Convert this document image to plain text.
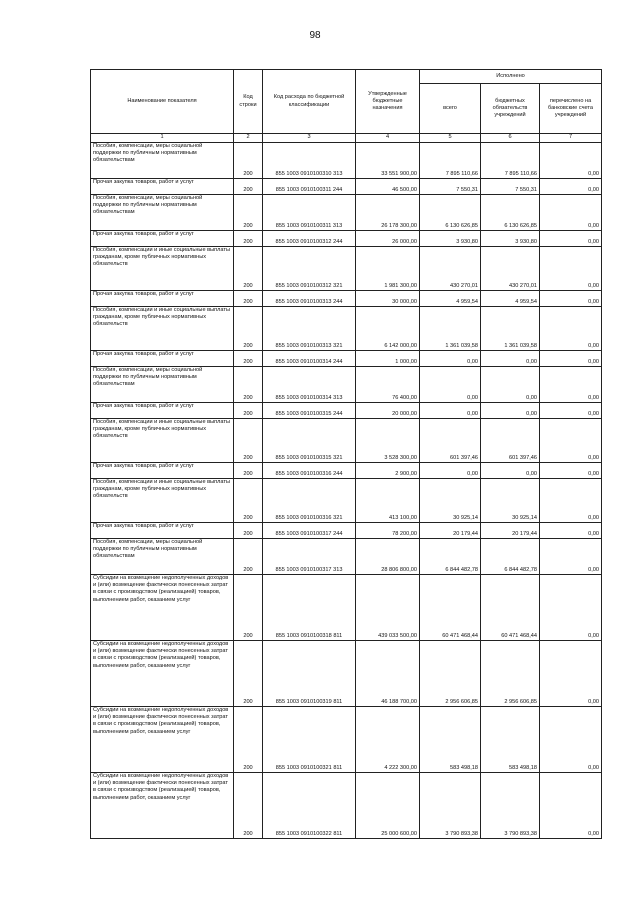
98
Наименование показателя	Код строки	Код расхода по бюджетной классификации	Утвержденные бюджетные назначения	Исполнено		
				всего	бюджетных обязательств учреждений	перечислено на банковские счета учреждений
1	2	3	4	5	6	7
Пособия, компенсации, меры социальной поддержки по публичным нормативным обязательствам	200	855 1003 0910100310 313	33 551 900,00	7 895 110,66	7 895 110,66	0,00
Прочая закупка товаров, работ и услуг	200	855 1003 0910100311 244	46 500,00	7 550,31	7 550,31	0,00
Пособия, компенсации, меры социальной поддержки по публичным нормативным обязательствам	200	855 1003 0910100311 313	26 178 300,00	6 130 626,85	6 130 626,85	0,00
Прочая закупка товаров, работ и услуг	200	855 1003 0910100312 244	26 000,00	3 930,80	3 930,80	0,00
Пособия, компенсации и иные социальные выплаты гражданам, кроме публичных нормативных обязательств	200	855 1003 0910100312 321	1 981 300,00	430 270,01	430 270,01	0,00
Прочая закупка товаров, работ и услуг	200	855 1003 0910100313 244	30 000,00	4 959,54	4 959,54	0,00
Пособия, компенсации и иные социальные выплаты гражданам, кроме публичных нормативных обязательств	200	855 1003 0910100313 321	6 142 000,00	1 361 039,58	1 361 039,58	0,00
Прочая закупка товаров, работ и услуг	200	855 1003 0910100314 244	1 000,00	0,00	0,00	0,00
Пособия, компенсации, меры социальной поддержки по публичным нормативным обязательствам	200	855 1003 0910100314 313	76 400,00	0,00	0,00	0,00
Прочая закупка товаров, работ и услуг	200	855 1003 0910100315 244	20 000,00	0,00	0,00	0,00
Пособия, компенсации и иные социальные выплаты гражданам, кроме публичных нормативных обязательств	200	855 1003 0910100315 321	3 528 300,00	601 397,46	601 397,46	0,00
Прочая закупка товаров, работ и услуг	200	855 1003 0910100316 244	2 900,00	0,00	0,00	0,00
Пособия, компенсации и иные социальные выплаты гражданам, кроме публичных нормативных обязательств	200	855 1003 0910100316 321	413 100,00	30 925,14	30 925,14	0,00
Прочая закупка товаров, работ и услуг	200	855 1003 0910100317 244	78 200,00	20 179,44	20 179,44	0,00
Пособия, компенсации, меры социальной поддержки по публичным нормативным обязательствам	200	855 1003 0910100317 313	28 806 800,00	6 844 482,78	6 844 482,78	0,00
Субсидии на возмещение недополученных доходов и (или) возмещение фактически понесенных затрат в связи с производством (реализацией) товаров, выполнением работ, оказанием услуг	200	855 1003 0910100318 811	439 033 500,00	60 471 468,44	60 471 468,44	0,00
Субсидии на возмещение недополученных доходов и (или) возмещение фактически понесенных затрат в связи с производством (реализацией) товаров, выполнением работ, оказанием услуг	200	855 1003 0910100319 811	46 188 700,00	2 956 606,85	2 956 606,85	0,00
Субсидии на возмещение недополученных доходов и (или) возмещение фактически понесенных затрат в связи с производством (реализацией) товаров, выполнением работ, оказанием услуг	200	855 1003 0910100321 811	4 222 300,00	583 498,18	583 498,18	0,00
Субсидии на возмещение недополученных доходов и (или) возмещение фактически понесенных затрат в связи с производством (реализацией) товаров, выполнением работ, оказанием услуг	200	855 1003 0910100322 811	25 000 600,00	3 790 893,38	3 790 893,38	0,00
